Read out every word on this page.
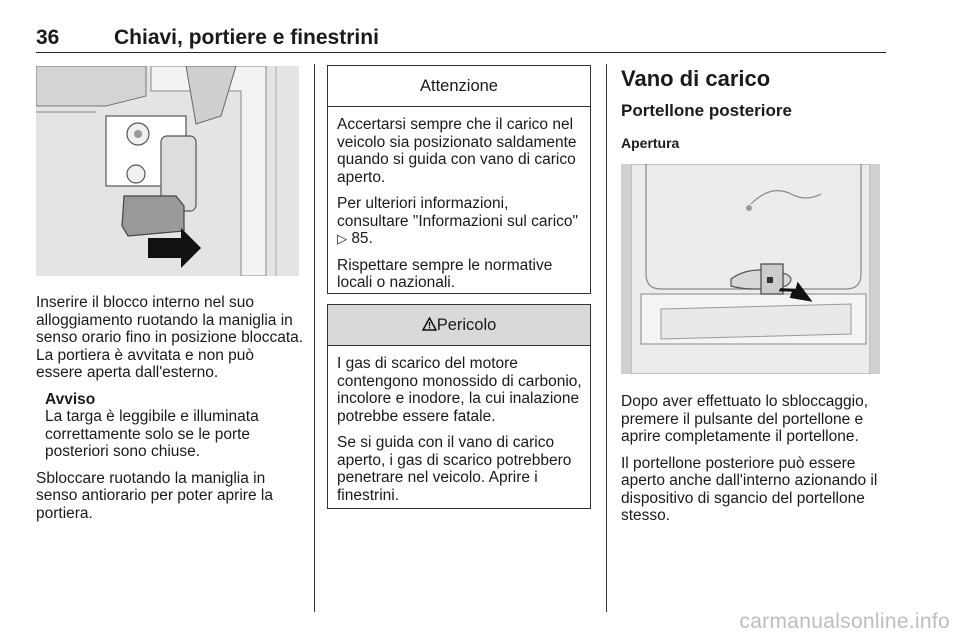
36	Chiavi, portiere e finestrini

Inserire il blocco interno nel suo alloggiamento ruotando la maniglia in senso orario fino in posizione bloccata. La portiera è avvitata e non può essere aperta dall'esterno.

Avviso
La targa è leggibile e illuminata correttamente solo se le porte posteriori sono chiuse.

Sbloccare ruotando la maniglia in senso antiorario per poter aprire la portiera.

Attenzione

Accertarsi sempre che il carico nel veicolo sia posizionato saldamente quando si guida con vano di carico aperto.

Per ulteriori informazioni, consultare "Informazioni sul carico"
▷ 85.

Rispettare sempre le normative locali o nazionali.

Pericolo

I gas di scarico del motore contengono monossido di carbonio, incolore e inodore, la cui inalazione potrebbe essere fatale.

Se si guida con il vano di carico aperto, i gas di scarico potrebbero penetrare nel veicolo. Aprire i finestrini.

Vano di carico
Portellone posteriore
Apertura

Dopo aver effettuato lo sbloccaggio, premere il pulsante del portellone e aprire completamente il portellone.

Il portellone posteriore può essere aperto anche dall'interno azionando il dispositivo di sgancio del portellone stesso.

carmanualsonline.info
